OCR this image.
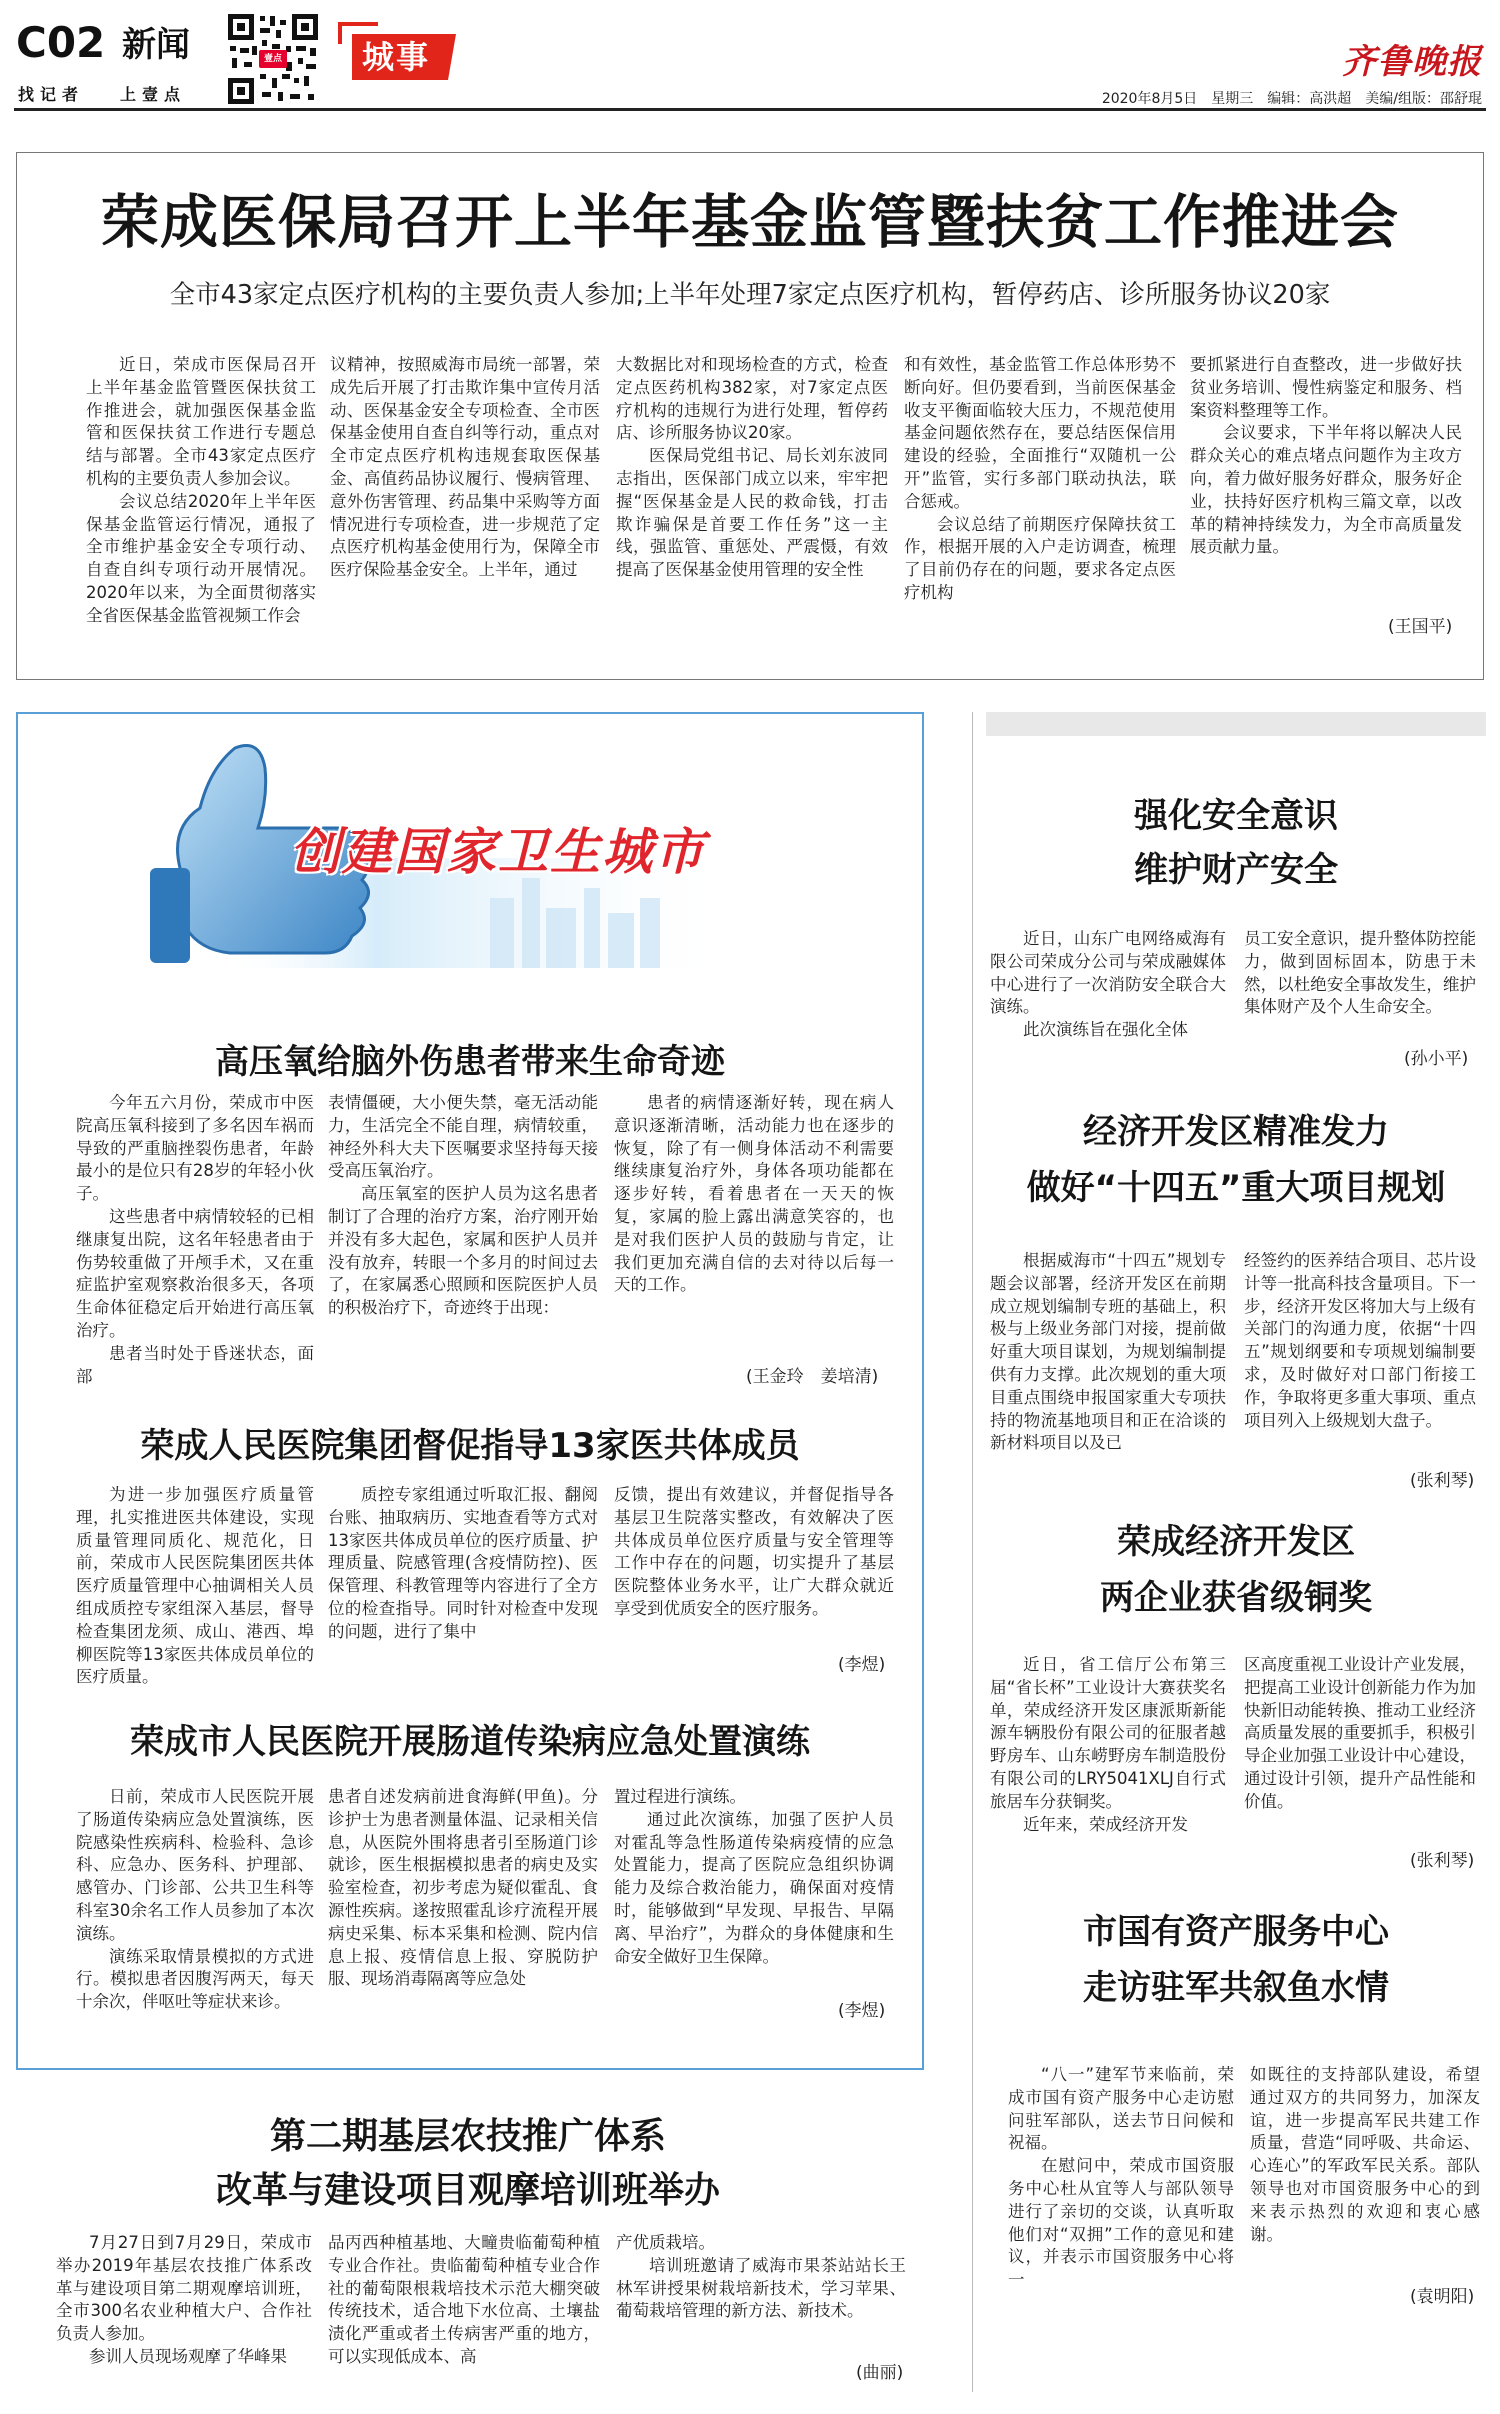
C02 新闻
找记者 上壹点
壹点	城事	齐鲁晚报
2020年8月5日　星期三　编辑：高洪超　美编/组版：邵舒琨
荣成医保局召开上半年基金监管暨扶贫工作推进会
全市43家定点医疗机构的主要负责人参加;上半年处理7家定点医疗机构，暂停药店、诊所服务协议20家

近日，荣成市医保局召开上半年基金监管暨医保扶贫工作推进会，就加强医保基金监管和医保扶贫工作进行专题总结与部署。全市43家定点医疗机构的主要负责人参加会议。

会议总结2020年上半年医保基金监管运行情况，通报了全市维护基金安全专项行动、自查自纠专项行动开展情况。2020年以来，为全面贯彻落实全省医保基金监管视频工作会

议精神，按照威海市局统一部署，荣成先后开展了打击欺诈集中宣传月活动、医保基金安全专项检查、全市医保基金使用自查自纠等行动，重点对全市定点医疗机构违规套取医保基金、高值药品协议履行、慢病管理、意外伤害管理、药品集中采购等方面情况进行专项检查，进一步规范了定点医疗机构基金使用行为，保障全市医疗保险基金安全。上半年，通过

大数据比对和现场检查的方式，检查定点医药机构382家，对7家定点医疗机构的违规行为进行处理，暂停药店、诊所服务协议20家。

医保局党组书记、局长刘东波同志指出，医保部门成立以来，牢牢把握“医保基金是人民的救命钱，打击欺诈骗保是首要工作任务”这一主线，强监管、重惩处、严震慑，有效提高了医保基金使用管理的安全性

和有效性，基金监管工作总体形势不断向好。但仍要看到，当前医保基金收支平衡面临较大压力，不规范使用基金问题依然存在，要总结医保信用建设的经验，全面推行“双随机一公开”监管，实行多部门联动执法，联合惩戒。

会议总结了前期医疗保障扶贫工作，根据开展的入户走访调查，梳理了目前仍存在的问题，要求各定点医疗机构

要抓紧进行自查整改，进一步做好扶贫业务培训、慢性病鉴定和服务、档案资料整理等工作。

会议要求，下半年将以解决人民群众关心的难点堵点问题作为主攻方向，着力做好服务好群众，服务好企业，扶持好医疗机构三篇文章，以改革的精神持续发力，为全市高质量发展贡献力量。

(王国平)
创建国家卫生城市
高压氧给脑外伤患者带来生命奇迹

今年五六月份，荣成市中医院高压氧科接到了多名因车祸而导致的严重脑挫裂伤患者，年龄最小的是位只有28岁的年轻小伙子。

这些患者中病情较轻的已相继康复出院，这名年轻患者由于伤势较重做了开颅手术，又在重症监护室观察救治很多天，各项生命体征稳定后开始进行高压氧治疗。

患者当时处于昏迷状态，面部

表情僵硬，大小便失禁，毫无活动能力，生活完全不能自理，病情较重，神经外科大夫下医嘱要求坚持每天接受高压氧治疗。

高压氧室的医护人员为这名患者制订了合理的治疗方案，治疗刚开始并没有多大起色，家属和医护人员并没有放弃，转眼一个多月的时间过去了，在家属悉心照顾和医院医护人员的积极治疗下，奇迹终于出现：

患者的病情逐渐好转，现在病人意识逐渐清晰，活动能力也在逐步的恢复，除了有一侧身体活动不利需要继续康复治疗外，身体各项功能都在逐步好转，看着患者在一天天的恢复，家属的脸上露出满意笑容的，也是对我们医护人员的鼓励与肯定，让我们更加充满自信的去对待以后每一天的工作。

(王金玲　姜培清)
荣成人民医院集团督促指导13家医共体成员

为进一步加强医疗质量管理，扎实推进医共体建设，实现质量管理同质化、规范化，日前，荣成市人民医院集团医共体医疗质量管理中心抽调相关人员组成质控专家组深入基层，督导检查集团龙须、成山、港西、埠柳医院等13家医共体成员单位的医疗质量。

质控专家组通过听取汇报、翻阅台账、抽取病历、实地查看等方式对13家医共体成员单位的医疗质量、护理质量、院感管理(含疫情防控)、医保管理、科教管理等内容进行了全方位的检查指导。同时针对检查中发现的问题，进行了集中

反馈，提出有效建议，并督促指导各基层卫生院落实整改，有效解决了医共体成员单位医疗质量与安全管理等工作中存在的问题，切实提升了基层医院整体业务水平，让广大群众就近享受到优质安全的医疗服务。

(李煜)
荣成市人民医院开展肠道传染病应急处置演练

日前，荣成市人民医院开展了肠道传染病应急处置演练，医院感染性疾病科、检验科、急诊科、应急办、医务科、护理部、感管办、门诊部、公共卫生科等科室30余名工作人员参加了本次演练。

演练采取情景模拟的方式进行。模拟患者因腹泻两天，每天十余次，伴呕吐等症状来诊。

患者自述发病前进食海鲜(甲鱼)。分诊护士为患者测量体温、记录相关信息，从医院外围将患者引至肠道门诊就诊，医生根据模拟患者的病史及实验室检查，初步考虑为疑似霍乱、食源性疾病。遂按照霍乱诊疗流程开展病史采集、标本采集和检测、院内信息上报、疫情信息上报、穿脱防护服、现场消毒隔离等应急处

置过程进行演练。

通过此次演练，加强了医护人员对霍乱等急性肠道传染病疫情的应急处置能力，提高了医院应急组织协调能力及综合救治能力，确保面对疫情时，能够做到“早发现、早报告、早隔离、早治疗”，为群众的身体健康和生命安全做好卫生保障。

(李煜)
第二期基层农技推广体系
改革与建设项目观摩培训班举办

7月27日到7月29日，荣成市举办2019年基层农技推广体系改革与建设项目第二期观摩培训班，全市300名农业种植大户、合作社负责人参加。

参训人员现场观摩了华峰果

品丙西种植基地、大疃贵临葡萄种植专业合作社。贵临葡萄种植专业合作社的葡萄限根栽培技术示范大棚突破传统技术，适合地下水位高、土壤盐渍化严重或者土传病害严重的地方，可以实现低成本、高

产优质栽培。

培训班邀请了威海市果茶站站长王林军讲授果树栽培新技术，学习苹果、葡萄栽培管理的新方法、新技术。

(曲丽)
强化安全意识
维护财产安全

近日，山东广电网络威海有限公司荣成分公司与荣成融媒体中心进行了一次消防安全联合大演练。

此次演练旨在强化全体

员工安全意识，提升整体防控能力，做到固标固本，防患于未然，以杜绝安全事故发生，维护集体财产及个人生命安全。

(孙小平)
经济开发区精准发力
做好“十四五”重大项目规划

根据威海市“十四五”规划专题会议部署，经济开发区在前期成立规划编制专班的基础上，积极与上级业务部门对接，提前做好重大项目谋划，为规划编制提供有力支撑。此次规划的重大项目重点围绕申报国家重大专项扶持的物流基地项目和正在洽谈的新材料项目以及已

经签约的医养结合项目、芯片设计等一批高科技含量项目。下一步，经济开发区将加大与上级有关部门的沟通力度，依据“十四五”规划纲要和专项规划编制要求，及时做好对口部门衔接工作，争取将更多重大事项、重点项目列入上级规划大盘子。

(张利琴)
荣成经济开发区
两企业获省级铜奖

近日，省工信厅公布第三届“省长杯”工业设计大赛获奖名单，荣成经济开发区康派斯新能源车辆股份有限公司的征服者越野房车、山东崂野房车制造股份有限公司的LRY5041XLJ自行式旅居车分获铜奖。

近年来，荣成经济开发

区高度重视工业设计产业发展，把提高工业设计创新能力作为加快新旧动能转换、推动工业经济高质量发展的重要抓手，积极引导企业加强工业设计中心建设，通过设计引领，提升产品性能和价值。

(张利琴)
市国有资产服务中心
走访驻军共叙鱼水情

“八一”建军节来临前，荣成市国有资产服务中心走访慰问驻军部队，送去节日问候和祝福。

在慰问中，荣成市国资服务中心杜从宜等人与部队领导进行了亲切的交谈，认真听取他们对“双拥”工作的意见和建议，并表示市国资服务中心将一

如既往的支持部队建设，希望通过双方的共同努力，加深友谊，进一步提高军民共建工作质量，营造“同呼吸、共命运、心连心”的军政军民关系。部队领导也对市国资服务中心的到来表示热烈的欢迎和衷心感谢。

(袁明阳)
